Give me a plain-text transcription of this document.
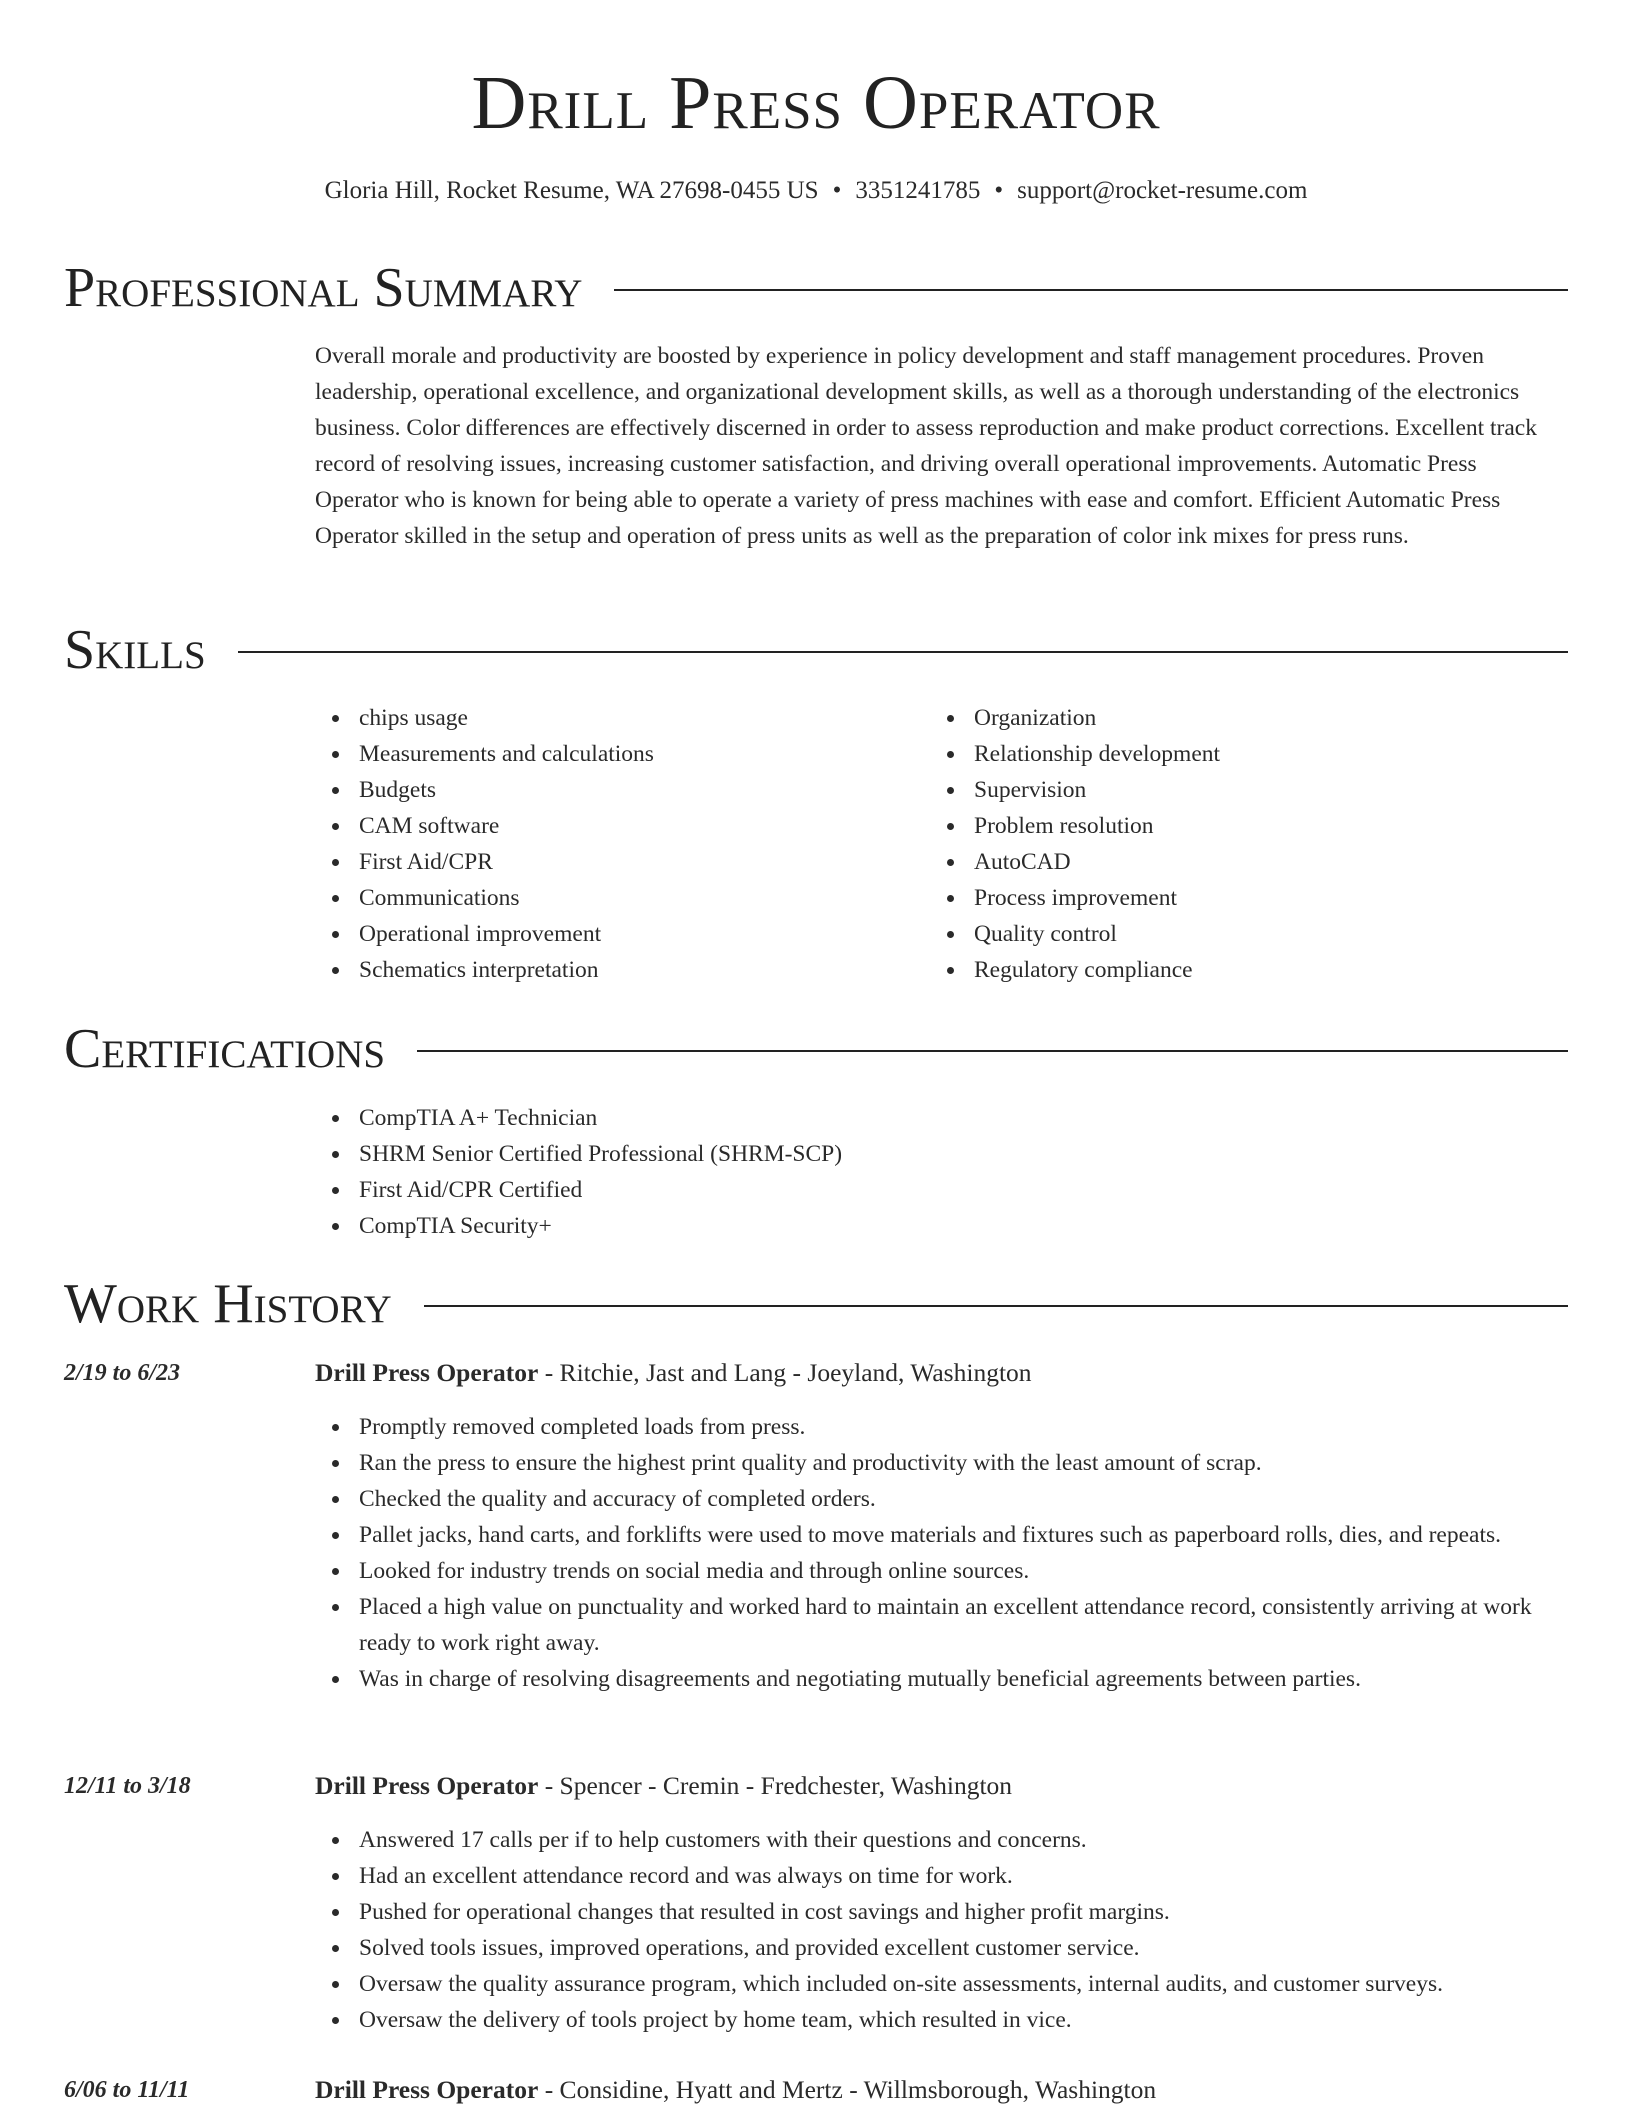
Drill Press Operator
Gloria Hill, Rocket Resume, WA 27698-0455 US • 3351241785 • support@rocket-resume.com
Professional Summary
Overall morale and productivity are boosted by experience in policy development and staff management procedures. Proven leadership, operational excellence, and organizational development skills, as well as a thorough understanding of the electronics business. Color differences are effectively discerned in order to assess reproduction and make product corrections. Excellent track record of resolving issues, increasing customer satisfaction, and driving overall operational improvements. Automatic Press Operator who is known for being able to operate a variety of press machines with ease and comfort. Efficient Automatic Press Operator skilled in the setup and operation of press units as well as the preparation of color ink mixes for press runs.
Skills
chips usage
Measurements and calculations
Budgets
CAM software
First Aid/CPR
Communications
Operational improvement
Schematics interpretation
Organization
Relationship development
Supervision
Problem resolution
AutoCAD
Process improvement
Quality control
Regulatory compliance
Certifications
CompTIA A+ Technician
SHRM Senior Certified Professional (SHRM-SCP)
First Aid/CPR Certified
CompTIA Security+
Work History
2/19 to 6/23	Drill Press Operator - Ritchie, Jast and Lang - Joeyland, Washington
Promptly removed completed loads from press.
Ran the press to ensure the highest print quality and productivity with the least amount of scrap.
Checked the quality and accuracy of completed orders.
Pallet jacks, hand carts, and forklifts were used to move materials and fixtures such as paperboard rolls, dies, and repeats.
Looked for industry trends on social media and through online sources.
Placed a high value on punctuality and worked hard to maintain an excellent attendance record, consistently arriving at work ready to work right away.
Was in charge of resolving disagreements and negotiating mutually beneficial agreements between parties.
12/11 to 3/18	Drill Press Operator - Spencer - Cremin - Fredchester, Washington
Answered 17 calls per if to help customers with their questions and concerns.
Had an excellent attendance record and was always on time for work.
Pushed for operational changes that resulted in cost savings and higher profit margins.
Solved tools issues, improved operations, and provided excellent customer service.
Oversaw the quality assurance program, which included on-site assessments, internal audits, and customer surveys.
Oversaw the delivery of tools project by home team, which resulted in vice.
6/06 to 11/11	Drill Press Operator - Considine, Hyatt and Mertz - Willmsborough, Washington
